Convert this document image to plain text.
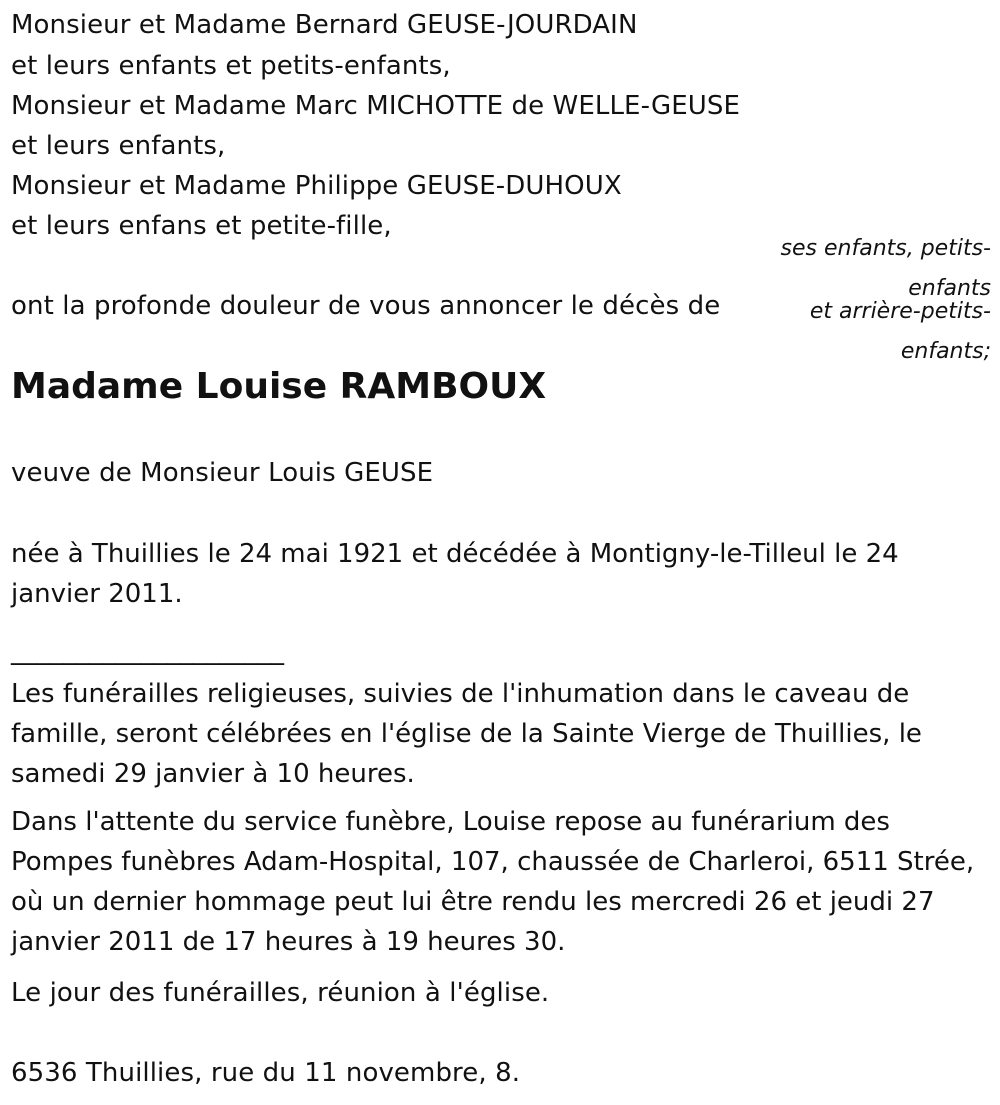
Monsieur et Madame Bernard GEUSE-JOURDAIN
et leurs enfants et petits-enfants,
Monsieur et Madame Marc MICHOTTE de WELLE-GEUSE
et leurs enfants,
Monsieur et Madame Philippe GEUSE-DUHOUX
et leurs enfans et petite-fille,
ses enfants, petits-
enfants
et arrière-petits-
enfants;
ont la profonde douleur de vous annoncer le décès de
Madame Louise RAMBOUX
veuve de Monsieur Louis GEUSE
née à Thuillies le 24 mai 1921 et décédée à Montigny-le-Tilleul le 24 janvier 2011.
_____________________
Les funérailles religieuses, suivies de l'inhumation dans le caveau de famille, seront célébrées en l'église de la Sainte Vierge de Thuillies, le samedi 29 janvier à 10 heures.
Dans l'attente du service funèbre, Louise repose au funérarium des Pompes funèbres Adam-Hospital, 107, chaussée de Charleroi, 6511 Strée, où un dernier hommage peut lui être rendu les mercredi 26 et jeudi 27 janvier 2011 de 17 heures à 19 heures 30.
Le jour des funérailles, réunion à l'église.
6536 Thuillies, rue du 11 novembre, 8.
